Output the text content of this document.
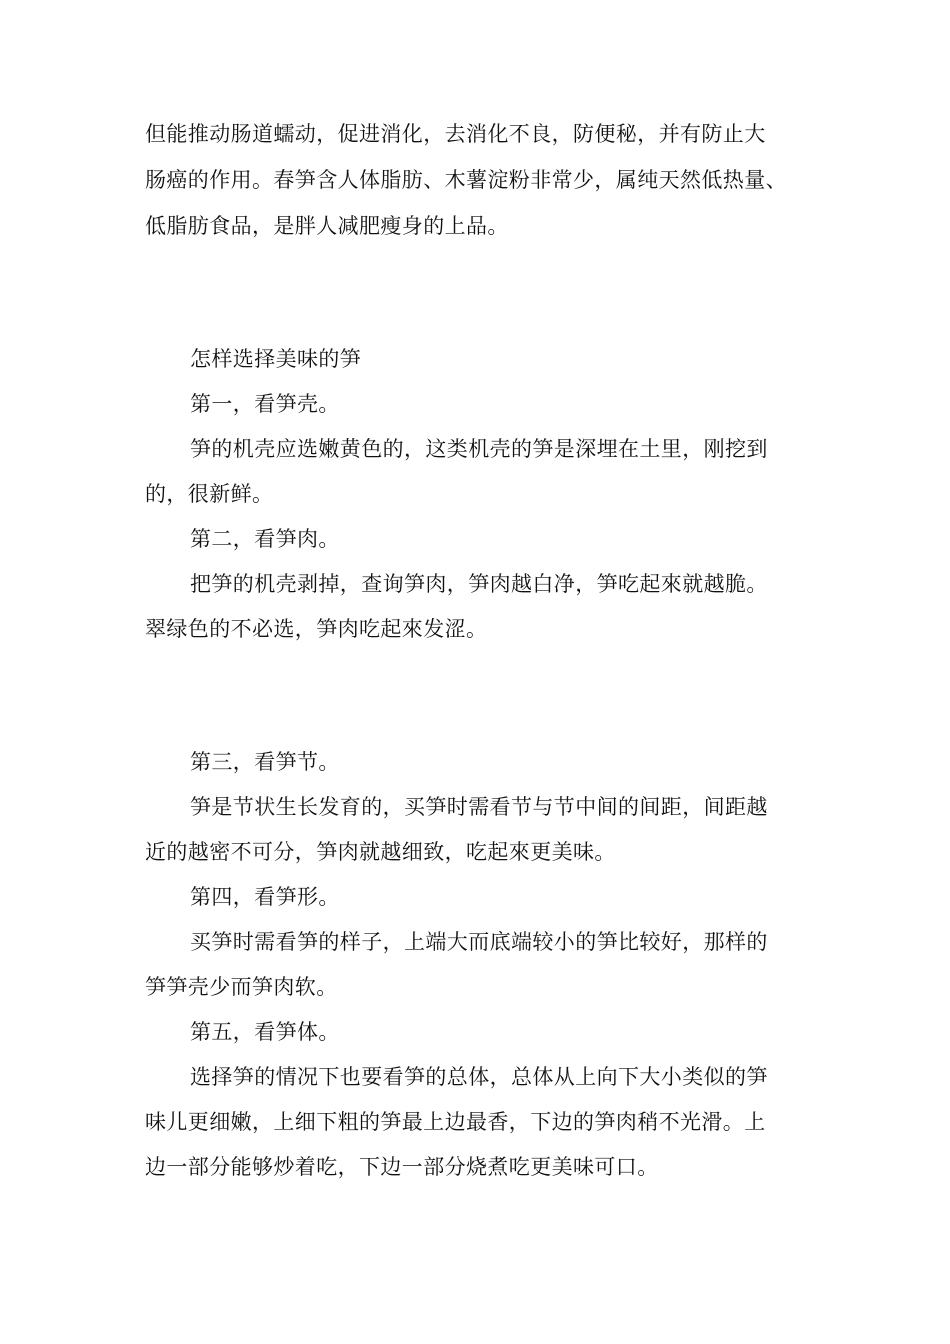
但能推动肠道蠕动，促进消化，去消化不良，防便秘，并有防止大
肠癌的作用。春笋含人体脂肪、木薯淀粉非常少，属纯天然低热量、
低脂肪食品，是胖人减肥瘦身的上品。
怎样选择美味的笋
第一，看笋壳。
笋的机壳应选嫩黄色的，这类机壳的笋是深埋在土里，刚挖到
的，很新鲜。
第二，看笋肉。
把笋的机壳剥掉，查询笋肉，笋肉越白净，笋吃起來就越脆。
翠绿色的不必选，笋肉吃起來发涩。
第三，看笋节。
笋是节状生长发育的，买笋时需看节与节中间的间距，间距越
近的越密不可分，笋肉就越细致，吃起來更美味。
第四，看笋形。
买笋时需看笋的样子，上端大而底端较小的笋比较好，那样的
笋笋壳少而笋肉软。
第五，看笋体。
选择笋的情况下也要看笋的总体，总体从上向下大小类似的笋
味儿更细嫩，上细下粗的笋最上边最香，下边的笋肉稍不光滑。上
边一部分能够炒着吃，下边一部分烧煮吃更美味可口。
